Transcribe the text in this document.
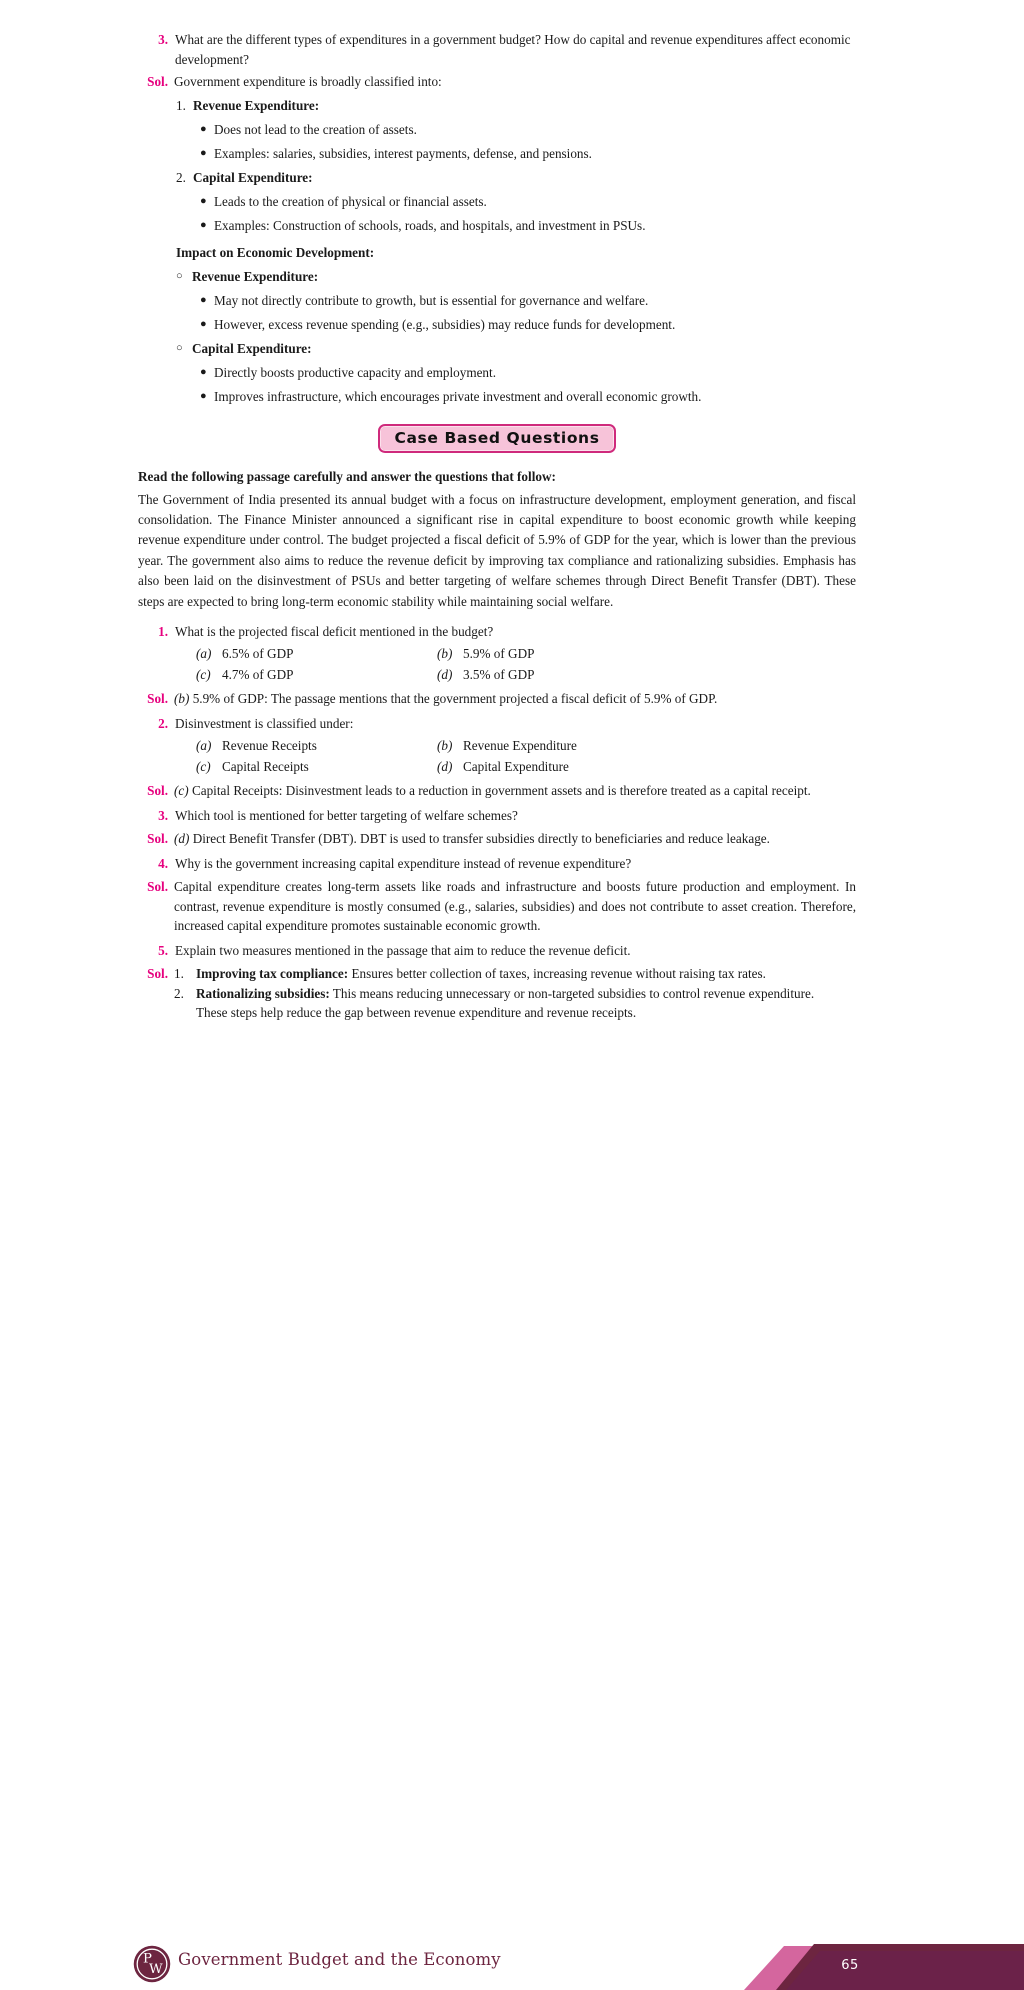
3. What are the different types of expenditures in a government budget? How do capital and revenue expenditures affect economic development?
Sol. Government expenditure is broadly classified into:
1. Revenue Expenditure:
● Does not lead to the creation of assets.
● Examples: salaries, subsidies, interest payments, defense, and pensions.
2. Capital Expenditure:
● Leads to the creation of physical or financial assets.
● Examples: Construction of schools, roads, and hospitals, and investment in PSUs.
Impact on Economic Development:
○ Revenue Expenditure:
● May not directly contribute to growth, but is essential for governance and welfare.
● However, excess revenue spending (e.g., subsidies) may reduce funds for development.
○ Capital Expenditure:
● Directly boosts productive capacity and employment.
● Improves infrastructure, which encourages private investment and overall economic growth.
Case Based Questions
Read the following passage carefully and answer the questions that follow:
The Government of India presented its annual budget with a focus on infrastructure development, employment generation, and fiscal consolidation. The Finance Minister announced a significant rise in capital expenditure to boost economic growth while keeping revenue expenditure under control. The budget projected a fiscal deficit of 5.9% of GDP for the year, which is lower than the previous year. The government also aims to reduce the revenue deficit by improving tax compliance and rationalizing subsidies. Emphasis has also been laid on the disinvestment of PSUs and better targeting of welfare schemes through Direct Benefit Transfer (DBT). These steps are expected to bring long-term economic stability while maintaining social welfare.
1. What is the projected fiscal deficit mentioned in the budget?
(a) 6.5% of GDP	(b) 5.9% of GDP
(c) 4.7% of GDP	(d) 3.5% of GDP
Sol. (b) 5.9% of GDP: The passage mentions that the government projected a fiscal deficit of 5.9% of GDP.
2. Disinvestment is classified under:
(a) Revenue Receipts	(b) Revenue Expenditure
(c) Capital Receipts	(d) Capital Expenditure
Sol. (c) Capital Receipts: Disinvestment leads to a reduction in government assets and is therefore treated as a capital receipt.
3. Which tool is mentioned for better targeting of welfare schemes?
Sol. (d) Direct Benefit Transfer (DBT). DBT is used to transfer subsidies directly to beneficiaries and reduce leakage.
4. Why is the government increasing capital expenditure instead of revenue expenditure?
Sol. Capital expenditure creates long-term assets like roads and infrastructure and boosts future production and employment. In contrast, revenue expenditure is mostly consumed (e.g., salaries, subsidies) and does not contribute to asset creation. Therefore, increased capital expenditure promotes sustainable economic growth.
5. Explain two measures mentioned in the passage that aim to reduce the revenue deficit.
Sol. 1. Improving tax compliance: Ensures better collection of taxes, increasing revenue without raising tax rates.
2. Rationalizing subsidies: This means reducing unnecessary or non-targeted subsidies to control revenue expenditure.
These steps help reduce the gap between revenue expenditure and revenue receipts.
P
W
Government Budget and the Economy	65
